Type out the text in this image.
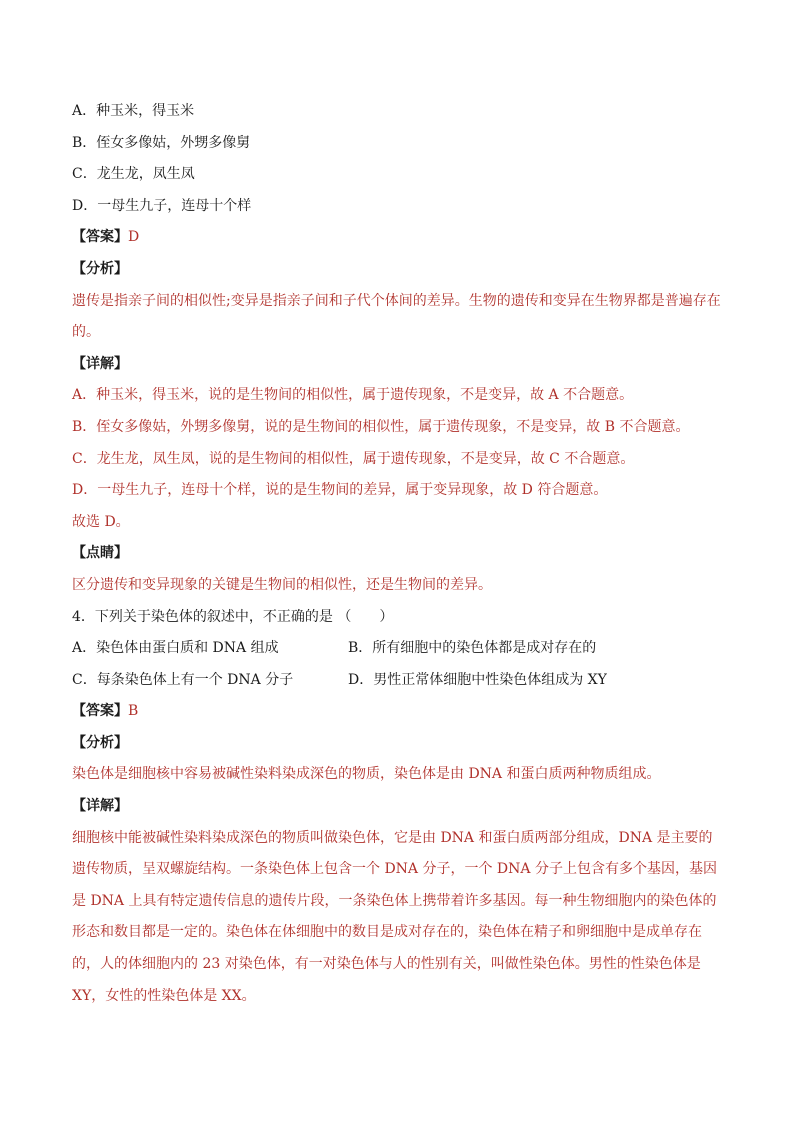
A．种玉米，得玉米
B．侄女多像姑，外甥多像舅
C．龙生龙，凤生凤
D．一母生九子，连母十个样
【答案】D
【分析】
遗传是指亲子间的相似性;变异是指亲子间和子代个体间的差异。生物的遗传和变异在生物界都是普遍存在的。
【详解】
A．种玉米，得玉米，说的是生物间的相似性，属于遗传现象，不是变异，故 A 不合题意。
B．侄女多像姑，外甥多像舅，说的是生物间的相似性，属于遗传现象，不是变异，故 B 不合题意。
C．龙生龙，凤生凤，说的是生物间的相似性，属于遗传现象，不是变异，故 C 不合题意。
D．一母生九子，连母十个样，说的是生物间的差异，属于变异现象，故 D 符合题意。
故选 D。
【点睛】
区分遗传和变异现象的关键是生物间的相似性，还是生物间的差异。
4．下列关于染色体的叙述中，不正确的是 （　　）
A．染色体由蛋白质和 DNA 组成	B．所有细胞中的染色体都是成对存在的
C．每条染色体上有一个 DNA 分子	D．男性正常体细胞中性染色体组成为 XY
【答案】B
【分析】
染色体是细胞核中容易被碱性染料染成深色的物质，染色体是由 DNA 和蛋白质两种物质组成。
【详解】
细胞核中能被碱性染料染成深色的物质叫做染色体，它是由 DNA 和蛋白质两部分组成，DNA 是主要的遗传物质，呈双螺旋结构。一条染色体上包含一个 DNA 分子，一个 DNA 分子上包含有多个基因，基因是 DNA 上具有特定遗传信息的遗传片段，一条染色体上携带着许多基因。每一种生物细胞内的染色体的形态和数目都是一定的。染色体在体细胞中的数目是成对存在的，染色体在精子和卵细胞中是成单存在的，人的体细胞内的 23 对染色体，有一对染色体与人的性别有关，叫做性染色体。男性的性染色体是 XY，女性的性染色体是 XX。
